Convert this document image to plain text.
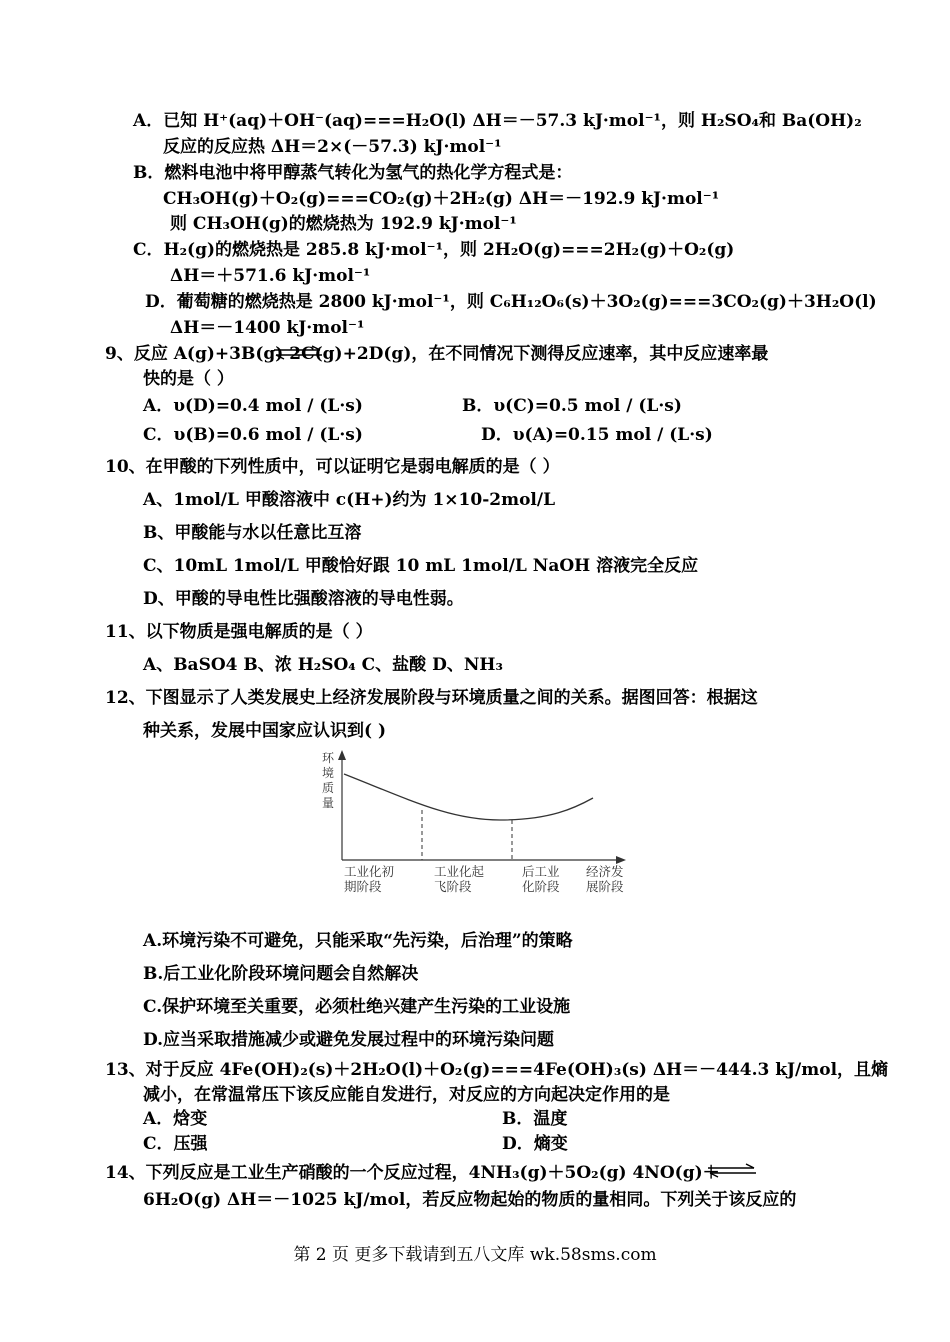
A．已知 H⁺(aq)＋OH⁻(aq)===H₂O(l) ΔH＝－57.3 kJ·mol⁻¹，则 H₂SO₄和 Ba(OH)₂
反应的反应热 ΔH＝2×(－57.3) kJ·mol⁻¹
B．燃料电池中将甲醇蒸气转化为氢气的热化学方程式是：
CH₃OH(g)＋O₂(g)===CO₂(g)＋2H₂(g) ΔH＝－192.9 kJ·mol⁻¹
则 CH₃OH(g)的燃烧热为 192.9 kJ·mol⁻¹
C．H₂(g)的燃烧热是 285.8 kJ·mol⁻¹，则 2H₂O(g)===2H₂(g)＋O₂(g)
ΔH＝＋571.6 kJ·mol⁻¹
D．葡萄糖的燃烧热是 2800 kJ·mol⁻¹，则 C₆H₁₂O₆(s)＋3O₂(g)===3CO₂(g)＋3H₂O(l)
ΔH＝－1400 kJ·mol⁻¹
9、反应 A(g)+3B(g) 2C(g)+2D(g)，在不同情况下测得反应速率，其中反应速率最
快的是（ ）
A．υ(D)=0.4 mol / (L·s)	B．υ(C)=0.5 mol / (L·s)
C．υ(B)=0.6 mol / (L·s)	D．υ(A)=0.15 mol / (L·s)
10、在甲酸的下列性质中，可以证明它是弱电解质的是（ ）
A、1mol/L 甲酸溶液中 c(H+)约为 1×10-2mol/L
B、甲酸能与水以任意比互溶
C、10mL 1mol/L 甲酸恰好跟 10 mL 1mol/L NaOH 溶液完全反应
D、甲酸的导电性比强酸溶液的导电性弱。
11、以下物质是强电解质的是（ ）
A、BaSO4 B、浓 H₂SO₄ C、盐酸 D、NH₃
12、下图显示了人类发展史上经济发展阶段与环境质量之间的关系。据图回答：根据这
种关系，发展中国家应认识到( )
环
境
质
量
工业化初
期阶段
工业化起
飞阶段
后工业
化阶段
经济发
展阶段
A.环境污染不可避免，只能采取“先污染，后治理”的策略
B.后工业化阶段环境问题会自然解决
C.保护环境至关重要，必须杜绝兴建产生污染的工业设施
D.应当采取措施减少或避免发展过程中的环境污染问题
13、对于反应 4Fe(OH)₂(s)＋2H₂O(l)＋O₂(g)===4Fe(OH)₃(s) ΔH＝－444.3 kJ/mol，且熵
减小，在常温常压下该反应能自发进行，对反应的方向起决定作用的是
A．焓变	B．温度
C．压强	D．熵变
14、下列反应是工业生产硝酸的一个反应过程，4NH₃(g)＋5O₂(g) 4NO(g)＋
6H₂O(g) ΔH＝－1025 kJ/mol，若反应物起始的物质的量相同。下列关于该反应的
第 2 页 更多下载请到五八文库 wk.58sms.com
